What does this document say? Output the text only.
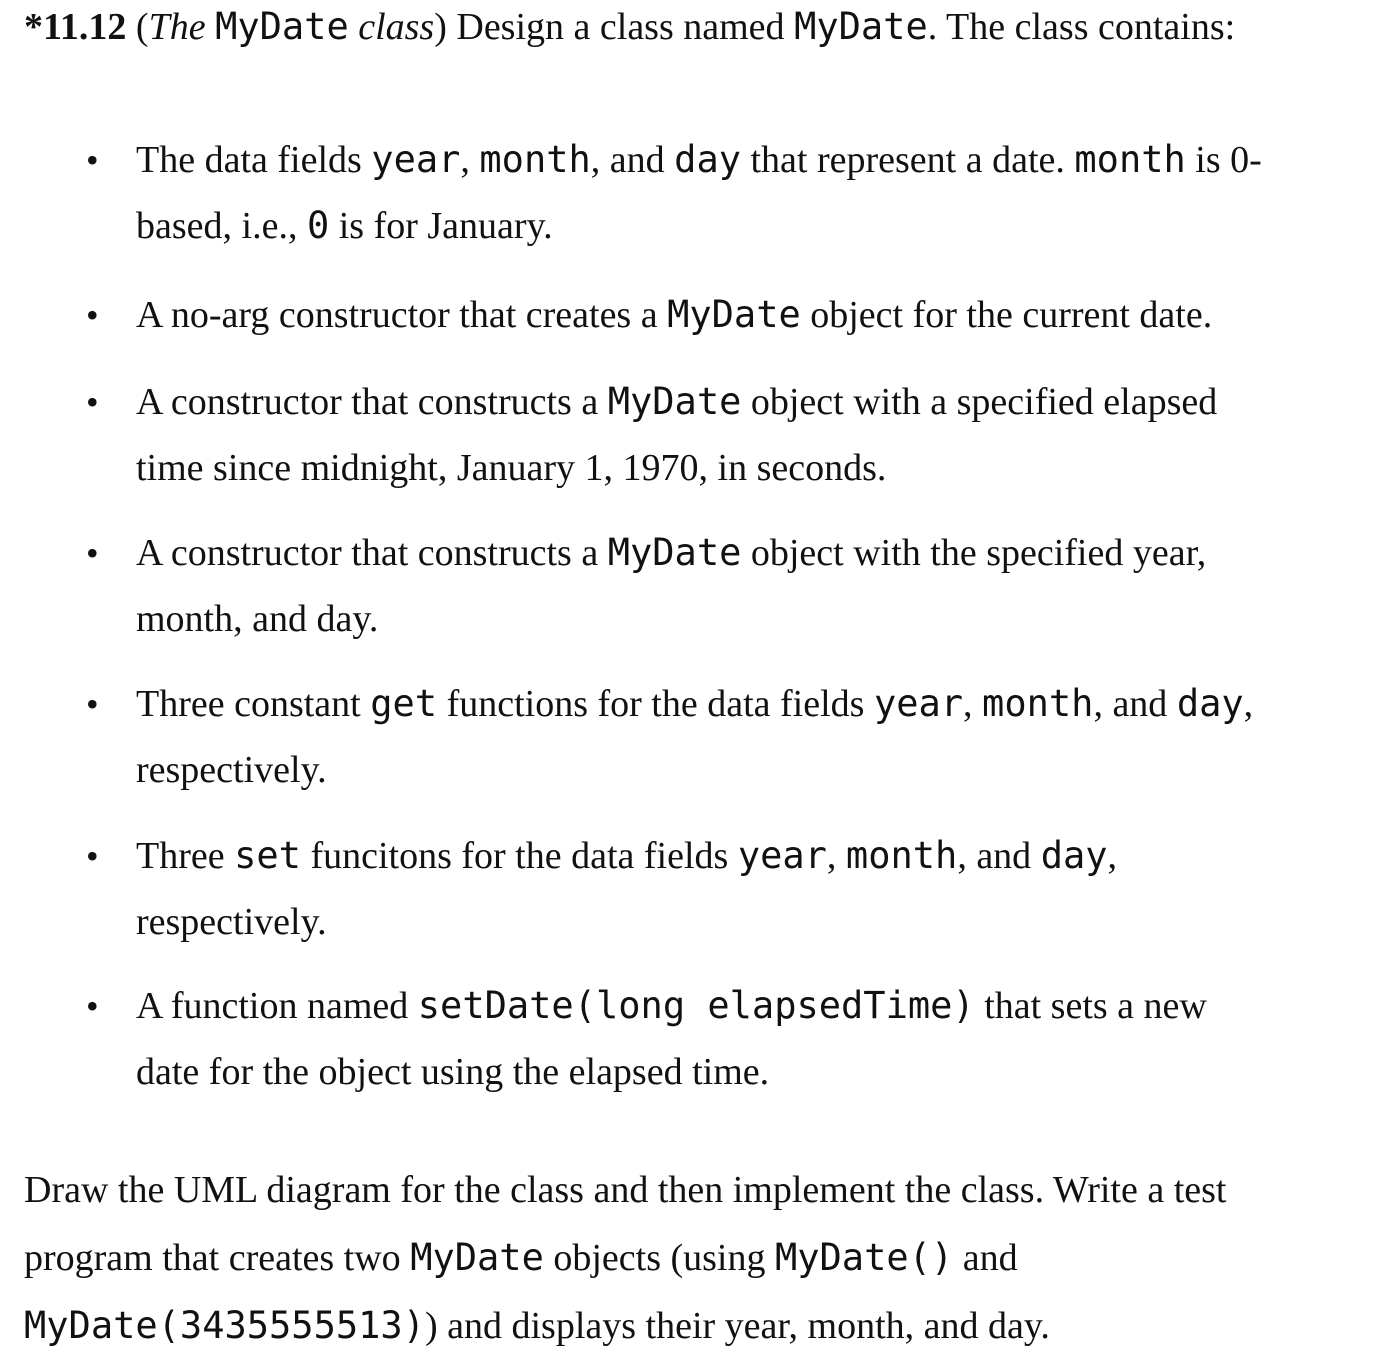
*11.12 (The MyDate class) Design a class named MyDate. The class contains:
• The data fields year, month, and day that represent a date. month is 0-
based, i.e., 0 is for January.
• A no-arg constructor that creates a MyDate object for the current date.
• A constructor that constructs a MyDate object with a specified elapsed
time since midnight, January 1, 1970, in seconds.
• A constructor that constructs a MyDate object with the specified year,
month, and day.
• Three constant get functions for the data fields year, month, and day,
respectively.
• Three set funcitons for the data fields year, month, and day,
respectively.
• A function named setDate(long elapsedTime) that sets a new
date for the object using the elapsed time.
Draw the UML diagram for the class and then implement the class. Write a test
program that creates two MyDate objects (using MyDate() and
MyDate(3435555513)) and displays their year, month, and day.
